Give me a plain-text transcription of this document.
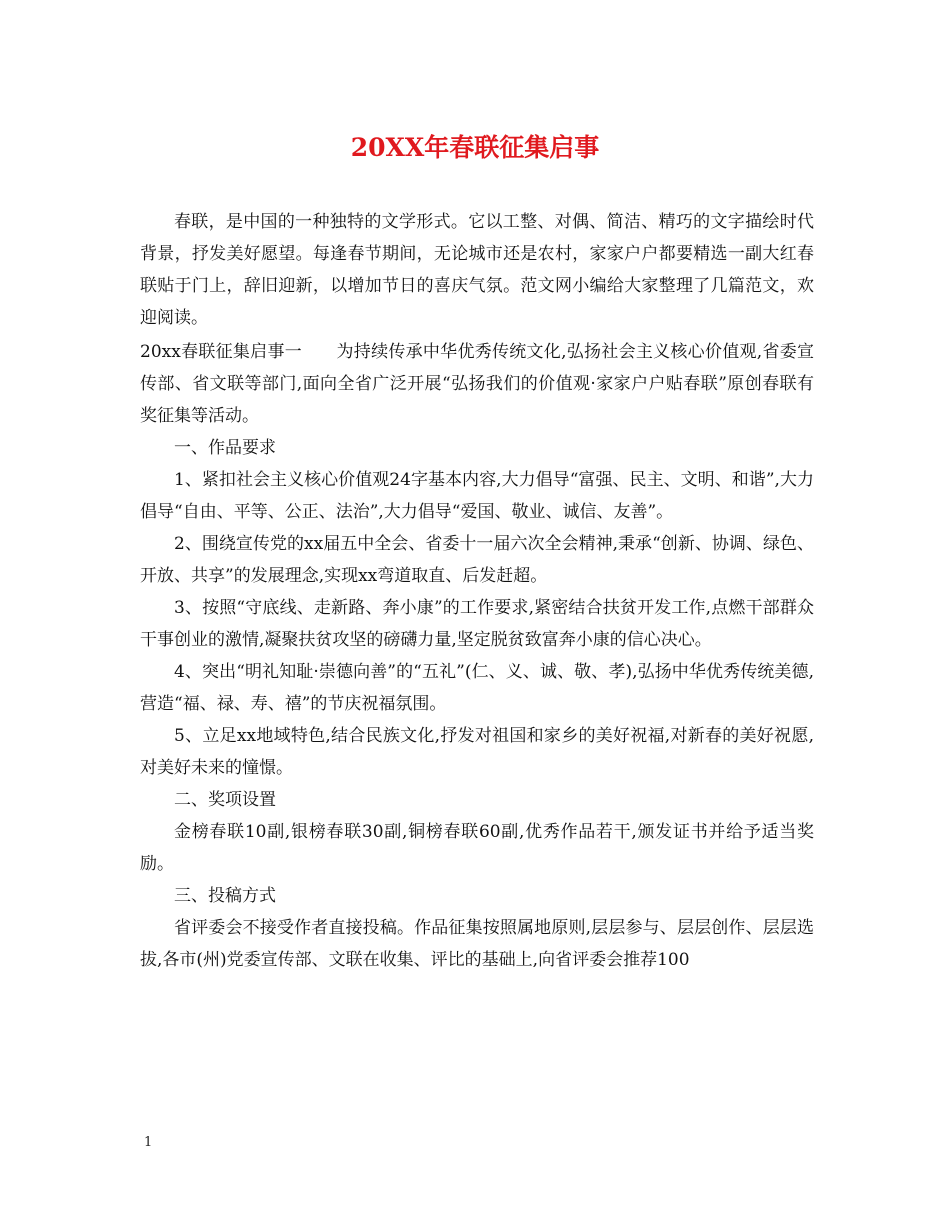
20XX年春联征集启事

春联，是中国的一种独特的文学形式。它以工整、对偶、简洁、精巧的文字描绘时代背景，抒发美好愿望。每逢春节期间，无论城市还是农村，家家户户都要精选一副大红春联贴于门上，辞旧迎新，以增加节日的喜庆气氛。范文网小编给大家整理了几篇范文，欢迎阅读。

20xx春联征集启事一　　为持续传承中华优秀传统文化,弘扬社会主义核心价值观,省委宣传部、省文联等部门,面向全省广泛开展“弘扬我们的价值观·家家户户贴春联”原创春联有奖征集等活动。

一、作品要求

1、紧扣社会主义核心价值观24字基本内容,大力倡导“富强、民主、文明、和谐”,大力倡导“自由、平等、公正、法治”,大力倡导“爱国、敬业、诚信、友善”。

2、围绕宣传党的xx届五中全会、省委十一届六次全会精神,秉承“创新、协调、绿色、开放、共享”的发展理念,实现xx弯道取直、后发赶超。

3、按照“守底线、走新路、奔小康”的工作要求,紧密结合扶贫开发工作,点燃干部群众干事创业的激情,凝聚扶贫攻坚的磅礴力量,坚定脱贫致富奔小康的信心决心。

4、突出“明礼知耻·崇德向善”的“五礼”(仁、义、诚、敬、孝),弘扬中华优秀传统美德,营造“福、禄、寿、禧”的节庆祝福氛围。

5、立足xx地域特色,结合民族文化,抒发对祖国和家乡的美好祝福,对新春的美好祝愿,对美好未来的憧憬。

二、奖项设置

金榜春联10副,银榜春联30副,铜榜春联60副,优秀作品若干,颁发证书并给予适当奖励。

三、投稿方式

省评委会不接受作者直接投稿。作品征集按照属地原则,层层参与、层层创作、层层选拔,各市(州)党委宣传部、文联在收集、评比的基础上,向省评委会推荐100

1
